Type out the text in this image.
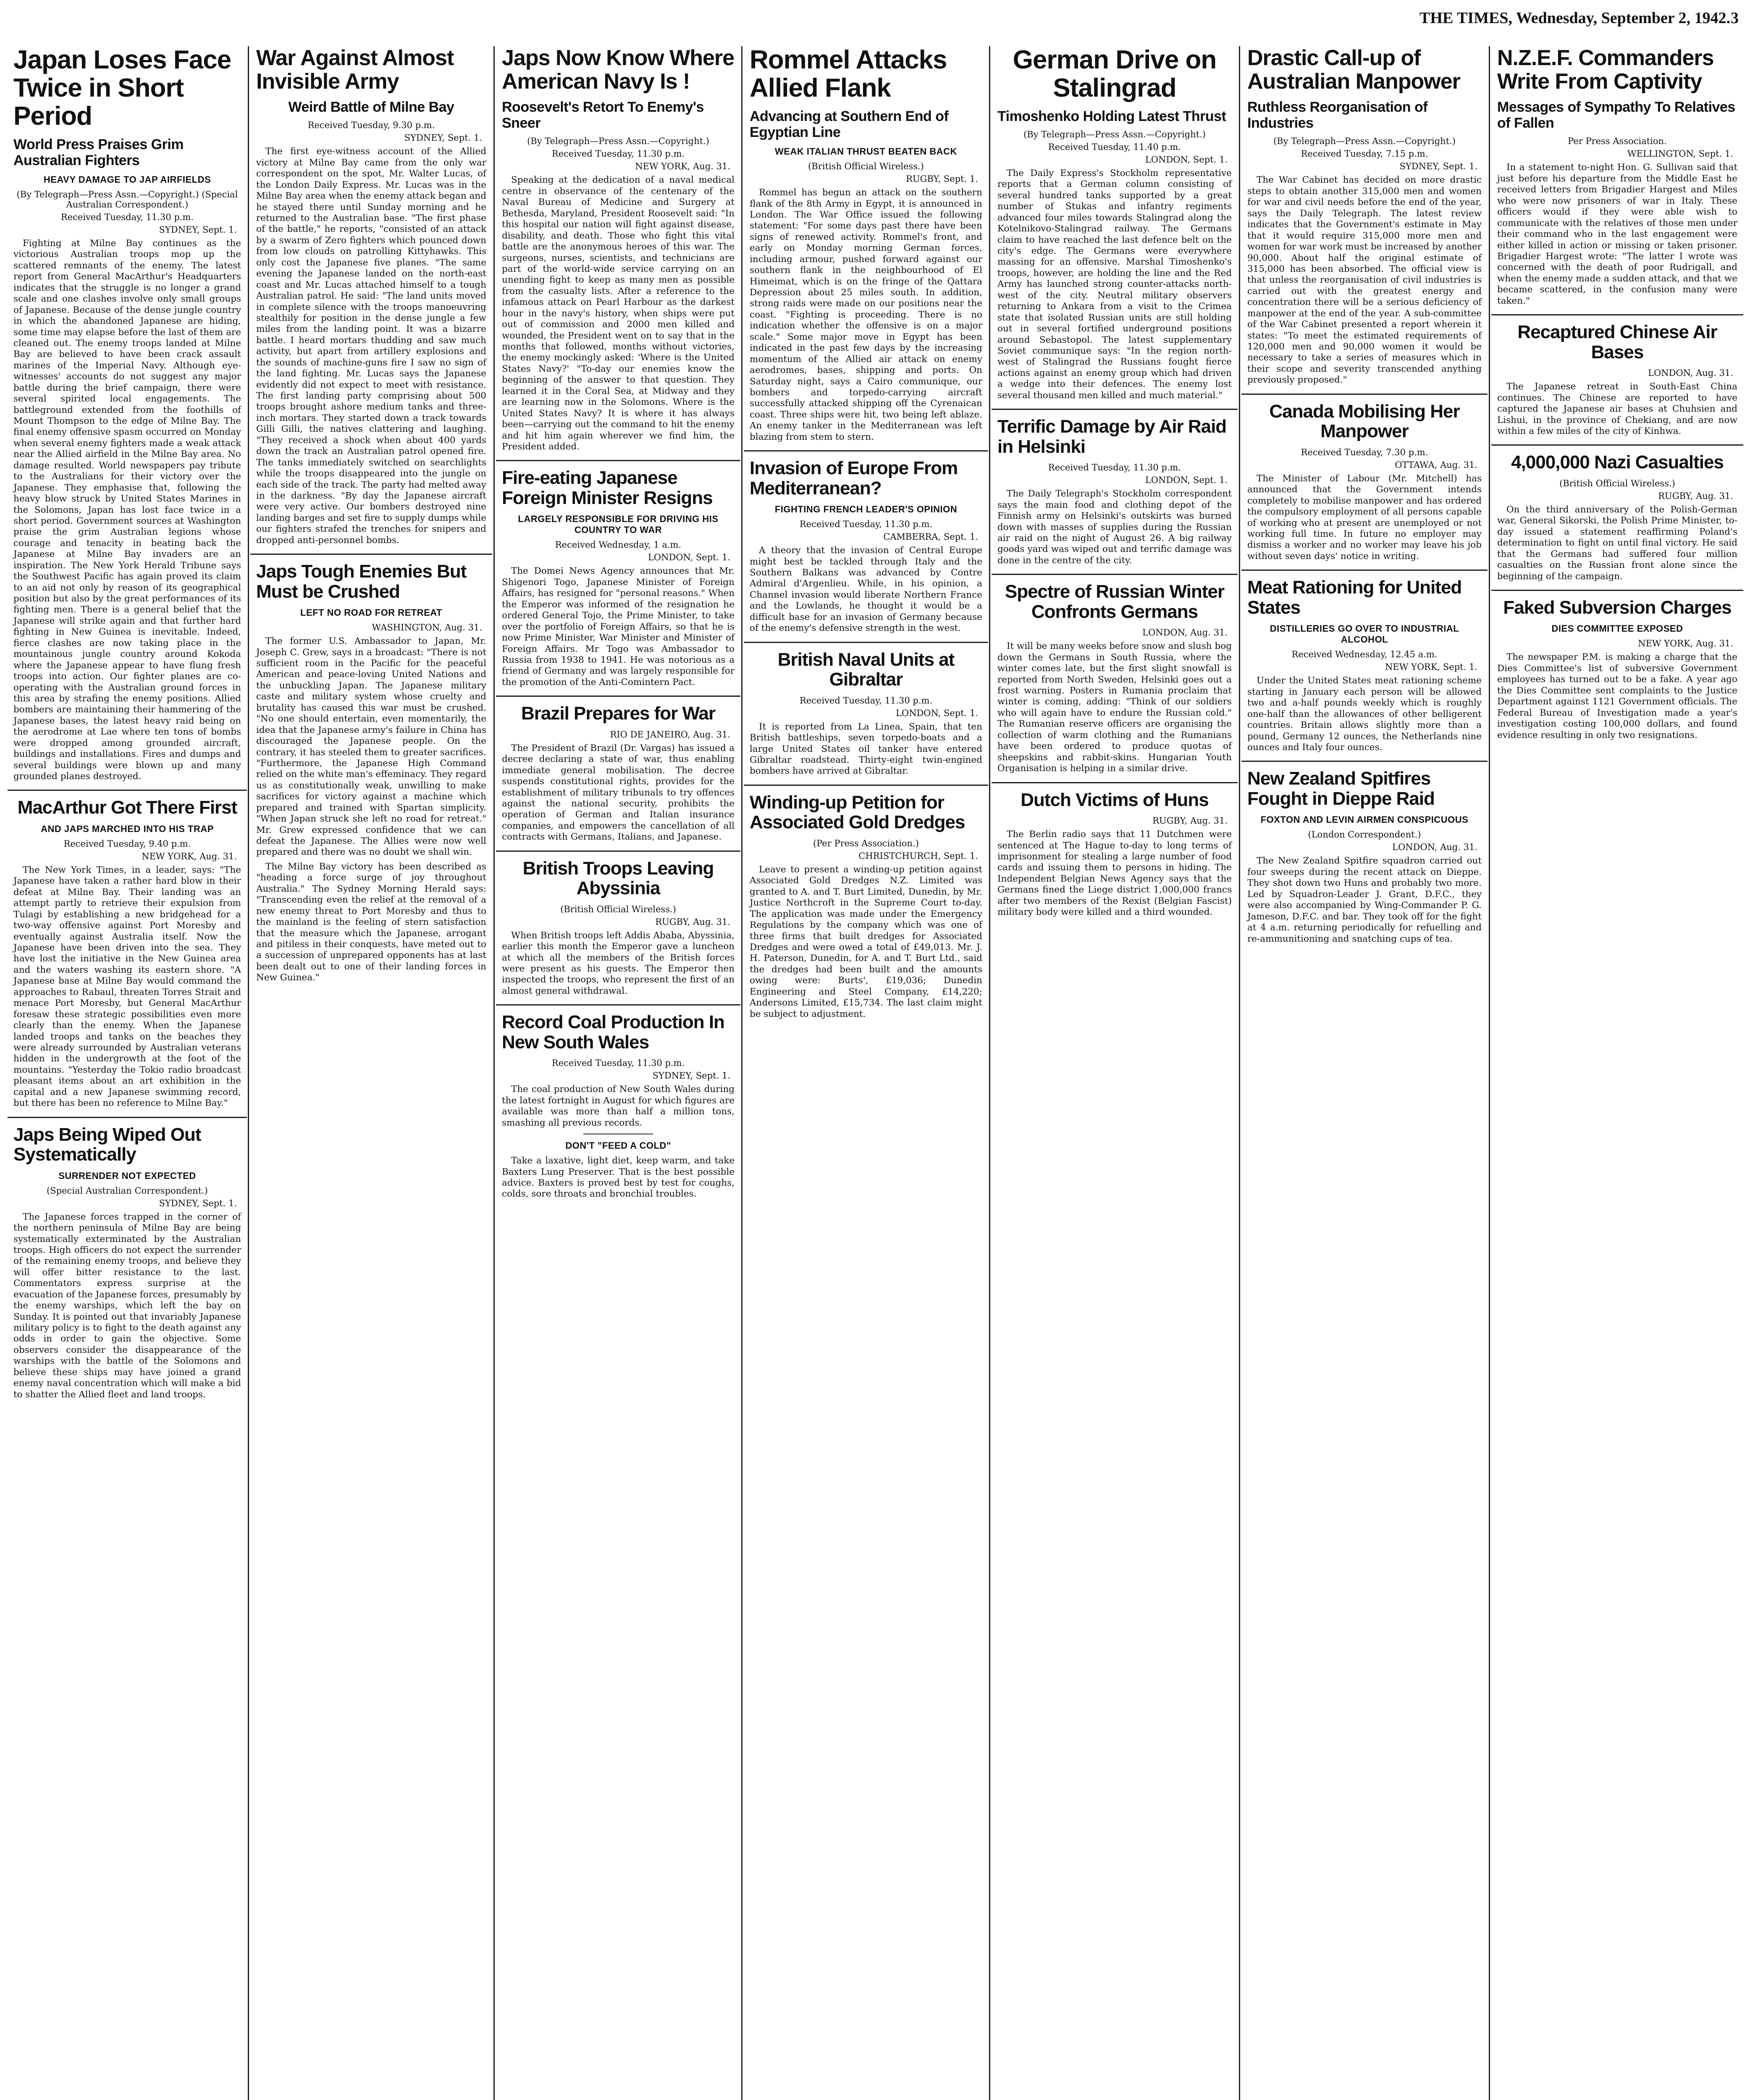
THE TIMES, Wednesday, September 2, 1942. 3
Japan Loses Face Twice in Short Period
World Press Praises Grim Australian Fighters
HEAVY DAMAGE TO JAP AIRFIELDS
(By Telegraph—Press Assn.—Copyright.) (Special Australian Correspondent.)
Received Tuesday, 11.30 p.m.
SYDNEY, Sept. 1.

Fighting at Milne Bay continues as the victorious Australian troops mop up the scattered remnants of the enemy. The latest report from General MacArthur's Headquarters indicates that the struggle is no longer a grand scale and one clashes involve only small groups of Japanese. Because of the dense jungle country in which the abandoned Japanese are hiding, some time may elapse before the last of them are cleaned out. The enemy troops landed at Milne Bay are believed to have been crack assault marines of the Imperial Navy. Although eye-witnesses' accounts do not suggest any major battle during the brief campaign, there were several spirited local engagements. The battleground extended from the foothills of Mount Thompson to the edge of Milne Bay. The final enemy offensive spasm occurred on Monday when several enemy fighters made a weak attack near the Allied airfield in the Milne Bay area. No damage resulted. World newspapers pay tribute to the Australians for their victory over the Japanese. They emphasise that, following the heavy blow struck by United States Marines in the Solomons, Japan has lost face twice in a short period. Government sources at Washington praise the grim Australian legions whose courage and tenacity in beating back the Japanese at Milne Bay invaders are an inspiration. The New York Herald Tribune says the Southwest Pacific has again proved its claim to an aid not only by reason of its geographical position but also by the great performances of its fighting men. There is a general belief that the Japanese will strike again and that further hard fighting in New Guinea is inevitable. Indeed, fierce clashes are now taking place in the mountainous jungle country around Kokoda where the Japanese appear to have flung fresh troops into action. Our fighter planes are co-operating with the Australian ground forces in this area by strafing the enemy positions. Allied bombers are maintaining their hammering of the Japanese bases, the latest heavy raid being on the aerodrome at Lae where ten tons of bombs were dropped among grounded aircraft, buildings and installations. Fires and dumps and several buildings were blown up and many grounded planes destroyed.

MacArthur Got There First
AND JAPS MARCHED INTO HIS TRAP
Received Tuesday, 9.40 p.m.
NEW YORK, Aug. 31.

The New York Times, in a leader, says: "The Japanese have taken a rather hard blow in their defeat at Milne Bay. Their landing was an attempt partly to retrieve their expulsion from Tulagi by establishing a new bridgehead for a two-way offensive against Port Moresby and eventually against Australia itself. Now the Japanese have been driven into the sea. They have lost the initiative in the New Guinea area and the waters washing its eastern shore. "A Japanese base at Milne Bay would command the approaches to Rabaul, threaten Torres Strait and menace Port Moresby, but General MacArthur foresaw these strategic possibilities even more clearly than the enemy. When the Japanese landed troops and tanks on the beaches they were already surrounded by Australian veterans hidden in the undergrowth at the foot of the mountains. "Yesterday the Tokio radio broadcast pleasant items about an art exhibition in the capital and a new Japanese swimming record, but there has been no reference to Milne Bay."

Japs Being Wiped Out Systematically
SURRENDER NOT EXPECTED
(Special Australian Correspondent.)
SYDNEY, Sept. 1.

The Japanese forces trapped in the corner of the northern peninsula of Milne Bay are being systematically exterminated by the Australian troops. High officers do not expect the surrender of the remaining enemy troops, and believe they will offer bitter resistance to the last. Commentators express surprise at the evacuation of the Japanese forces, presumably by the enemy warships, which left the bay on Sunday. It is pointed out that invariably Japanese military policy is to fight to the death against any odds in order to gain the objective. Some observers consider the disappearance of the warships with the battle of the Solomons and believe these ships may have joined a grand enemy naval concentration which will make a bid to shatter the Allied fleet and land troops.

War Against Almost Invisible Army
Weird Battle of Milne Bay
Received Tuesday, 9.30 p.m.
SYDNEY, Sept. 1.

The first eye-witness account of the Allied victory at Milne Bay came from the only war correspondent on the spot, Mr. Walter Lucas, of the London Daily Express. Mr. Lucas was in the Milne Bay area when the enemy attack began and he stayed there until Sunday morning and he returned to the Australian base. "The first phase of the battle," he reports, "consisted of an attack by a swarm of Zero fighters which pounced down from low clouds on patrolling Kittyhawks. This only cost the Japanese five planes. "The same evening the Japanese landed on the north-east coast and Mr. Lucas attached himself to a tough Australian patrol. He said: "The land units moved in complete silence with the troops manoeuvring stealthily for position in the dense jungle a few miles from the landing point. It was a bizarre battle. I heard mortars thudding and saw much activity, but apart from artillery explosions and the sounds of machine-guns fire I saw no sign of the land fighting. Mr. Lucas says the Japanese evidently did not expect to meet with resistance. The first landing party comprising about 500 troops brought ashore medium tanks and three-inch mortars. They started down a track towards Gilli Gilli, the natives clattering and laughing. "They received a shock when about 400 yards down the track an Australian patrol opened fire. The tanks immediately switched on searchlights while the troops disappeared into the jungle on each side of the track. The party had melted away in the darkness. "By day the Japanese aircraft were very active. Our bombers destroyed nine landing barges and set fire to supply dumps while our fighters strafed the trenches for snipers and dropped anti-personnel bombs.

Japs Tough Enemies But Must be Crushed
LEFT NO ROAD FOR RETREAT
WASHINGTON, Aug. 31.

The former U.S. Ambassador to Japan, Mr. Joseph C. Grew, says in a broadcast: "There is not sufficient room in the Pacific for the peaceful American and peace-loving United Nations and the unbuckling Japan. The Japanese military caste and military system whose cruelty and brutality has caused this war must be crushed. "No one should entertain, even momentarily, the idea that the Japanese army's failure in China has discouraged the Japanese people. On the contrary, it has steeled them to greater sacrifices. "Furthermore, the Japanese High Command relied on the white man's effeminacy. They regard us as constitutionally weak, unwilling to make sacrifices for victory against a machine which prepared and trained with Spartan simplicity. "When Japan struck she left no road for retreat." Mr. Grew expressed confidence that we can defeat the Japanese. The Allies were now well prepared and there was no doubt we shall win.

The Milne Bay victory has been described as "heading a force surge of joy throughout Australia." The Sydney Morning Herald says: "Transcending even the relief at the removal of a new enemy threat to Port Moresby and thus to the mainland is the feeling of stern satisfaction that the measure which the Japanese, arrogant and pitiless in their conquests, have meted out to a succession of unprepared opponents has at last been dealt out to one of their landing forces in New Guinea."

Japs Now Know Where American Navy Is !
Roosevelt's Retort To Enemy's Sneer
(By Telegraph—Press Assn.—Copyright.)
Received Tuesday, 11.30 p.m.
NEW YORK, Aug. 31.

Speaking at the dedication of a naval medical centre in observance of the centenary of the Naval Bureau of Medicine and Surgery at Bethesda, Maryland, President Roosevelt said: "In this hospital our nation will fight against disease, disability, and death. Those who fight this vital battle are the anonymous heroes of this war. The surgeons, nurses, scientists, and technicians are part of the world-wide service carrying on an unending fight to keep as many men as possible from the casualty lists. After a reference to the infamous attack on Pearl Harbour as the darkest hour in the navy's history, when ships were put out of commission and 2000 men killed and wounded, the President went on to say that in the months that followed, months without victories, the enemy mockingly asked: 'Where is the United States Navy?' "To-day our enemies know the beginning of the answer to that question. They learned it in the Coral Sea, at Midway and they are learning now in the Solomons. Where is the United States Navy? It is where it has always been—carrying out the command to hit the enemy and hit him again wherever we find him, the President added.

Fire-eating Japanese Foreign Minister Resigns
LARGELY RESPONSIBLE FOR DRIVING HIS COUNTRY TO WAR
Received Wednesday, 1 a.m.
LONDON, Sept. 1.

The Domei News Agency announces that Mr. Shigenori Togo, Japanese Minister of Foreign Affairs, has resigned for "personal reasons." When the Emperor was informed of the resignation he ordered General Tojo, the Prime Minister, to take over the portfolio of Foreign Affairs, so that he is now Prime Minister, War Minister and Minister of Foreign Affairs. Mr Togo was Ambassador to Russia from 1938 to 1941. He was notorious as a friend of Germany and was largely responsible for the promotion of the Anti-Comintern Pact.

Brazil Prepares for War
RIO DE JANEIRO, Aug. 31.

The President of Brazil (Dr. Vargas) has issued a decree declaring a state of war, thus enabling immediate general mobilisation. The decree suspends constitutional rights, provides for the establishment of military tribunals to try offences against the national security, prohibits the operation of German and Italian insurance companies, and empowers the cancellation of all contracts with Germans, Italians, and Japanese.

British Troops Leaving Abyssinia
(British Official Wireless.)
RUGBY, Aug. 31.

When British troops left Addis Ababa, Abyssinia, earlier this month the Emperor gave a luncheon at which all the members of the British forces were present as his guests. The Emperor then inspected the troops, who represent the first of an almost general withdrawal.

Record Coal Production In New South Wales
Received Tuesday, 11.30 p.m.
SYDNEY, Sept. 1.

The coal production of New South Wales during the latest fortnight in August for which figures are available was more than half a million tons, smashing all previous records.

DON'T "FEED A COLD"

Take a laxative, light diet, keep warm, and take Baxters Lung Preserver. That is the best possible advice. Baxters is proved best by test for coughs, colds, sore throats and bronchial troubles.

Rommel Attacks Allied Flank
Advancing at Southern End of Egyptian Line
WEAK ITALIAN THRUST BEATEN BACK
(British Official Wireless.)
RUGBY, Sept. 1.

Rommel has begun an attack on the southern flank of the 8th Army in Egypt, it is announced in London. The War Office issued the following statement: "For some days past there have been signs of renewed activity. Rommel's front, and early on Monday morning German forces, including armour, pushed forward against our southern flank in the neighbourhood of El Himeimat, which is on the fringe of the Qattara Depression about 25 miles south. In addition, strong raids were made on our positions near the coast. "Fighting is proceeding. There is no indication whether the offensive is on a major scale." Some major move in Egypt has been indicated in the past few days by the increasing momentum of the Allied air attack on enemy aerodromes, bases, shipping and ports. On Saturday night, says a Cairo communique, our bombers and torpedo-carrying aircraft successfully attacked shipping off the Cyrenaican coast. Three ships were hit, two being left ablaze. An enemy tanker in the Mediterranean was left blazing from stem to stern.

Invasion of Europe From Mediterranean?
FIGHTING FRENCH LEADER'S OPINION
Received Tuesday, 11.30 p.m.
CAMBERRA, Sept. 1.

A theory that the invasion of Central Europe might best be tackled through Italy and the Southern Balkans was advanced by Contre Admiral d'Argenlieu. While, in his opinion, a Channel invasion would liberate Northern France and the Lowlands, he thought it would be a difficult base for an invasion of Germany because of the enemy's defensive strength in the west.

British Naval Units at Gibraltar
Received Tuesday, 11.30 p.m.
LONDON, Sept. 1.

It is reported from La Linea, Spain, that ten British battleships, seven torpedo-boats and a large United States oil tanker have entered Gibraltar roadstead. Thirty-eight twin-engined bombers have arrived at Gibraltar.

Winding-up Petition for Associated Gold Dredges
(Per Press Association.)
CHRISTCHURCH, Sept. 1.

Leave to present a winding-up petition against Associated Gold Dredges N.Z. Limited was granted to A. and T. Burt Limited, Dunedin, by Mr. Justice Northcroft in the Supreme Court to-day. The application was made under the Emergency Regulations by the company which was one of three firms that built dredges for Associated Dredges and were owed a total of £49,013. Mr. J. H. Paterson, Dunedin, for A. and T. Burt Ltd., said the dredges had been built and the amounts owing were: Burts', £19,036; Dunedin Engineering and Steel Company, £14,220; Andersons Limited, £15,734. The last claim might be subject to adjustment.

German Drive on Stalingrad
Timoshenko Holding Latest Thrust
(By Telegraph—Press Assn.—Copyright.)
Received Tuesday, 11.40 p.m.
LONDON, Sept. 1.

The Daily Express's Stockholm representative reports that a German column consisting of several hundred tanks supported by a great number of Stukas and infantry regiments advanced four miles towards Stalingrad along the Kotelnikovo-Stalingrad railway. The Germans claim to have reached the last defence belt on the city's edge. The Germans were everywhere massing for an offensive. Marshal Timoshenko's troops, however, are holding the line and the Red Army has launched strong counter-attacks north-west of the city. Neutral military observers returning to Ankara from a visit to the Crimea state that isolated Russian units are still holding out in several fortified underground positions around Sebastopol. The latest supplementary Soviet communique says: "In the region north-west of Stalingrad the Russians fought fierce actions against an enemy group which had driven a wedge into their defences. The enemy lost several thousand men killed and much material."

Terrific Damage by Air Raid in Helsinki
Received Tuesday, 11.30 p.m.
LONDON, Sept. 1.

The Daily Telegraph's Stockholm correspondent says the main food and clothing depot of the Finnish army on Helsinki's outskirts was burned down with masses of supplies during the Russian air raid on the night of August 26. A big railway goods yard was wiped out and terrific damage was done in the centre of the city.

Spectre of Russian Winter Confronts Germans
LONDON, Aug. 31.

It will be many weeks before snow and slush bog down the Germans in South Russia, where the winter comes late, but the first slight snowfall is reported from North Sweden, Helsinki goes out a frost warning. Posters in Rumania proclaim that winter is coming, adding: "Think of our soldiers who will again have to endure the Russian cold." The Rumanian reserve officers are organising the collection of warm clothing and the Rumanians have been ordered to produce quotas of sheepskins and rabbit-skins. Hungarian Youth Organisation is helping in a similar drive.

Dutch Victims of Huns
RUGBY, Aug. 31.

The Berlin radio says that 11 Dutchmen were sentenced at The Hague to-day to long terms of imprisonment for stealing a large number of food cards and issuing them to persons in hiding. The Independent Belgian News Agency says that the Germans fined the Liege district 1,000,000 francs after two members of the Rexist (Belgian Fascist) military body were killed and a third wounded.

Drastic Call-up of Australian Manpower
Ruthless Reorganisation of Industries
(By Telegraph—Press Assn.—Copyright.)
Received Tuesday, 7.15 p.m.
SYDNEY, Sept. 1.

The War Cabinet has decided on more drastic steps to obtain another 315,000 men and women for war and civil needs before the end of the year, says the Daily Telegraph. The latest review indicates that the Government's estimate in May that it would require 315,000 more men and women for war work must be increased by another 90,000. About half the original estimate of 315,000 has been absorbed. The official view is that unless the reorganisation of civil industries is carried out with the greatest energy and concentration there will be a serious deficiency of manpower at the end of the year. A sub-committee of the War Cabinet presented a report wherein it states: "To meet the estimated requirements of 120,000 men and 90,000 women it would be necessary to take a series of measures which in their scope and severity transcended anything previously proposed."

Canada Mobilising Her Manpower
Received Tuesday, 7.30 p.m.
OTTAWA, Aug. 31.

The Minister of Labour (Mr. Mitchell) has announced that the Government intends completely to mobilise manpower and has ordered the compulsory employment of all persons capable of working who at present are unemployed or not working full time. In future no employer may dismiss a worker and no worker may leave his job without seven days' notice in writing.

Meat Rationing for United States
DISTILLERIES GO OVER TO INDUSTRIAL ALCOHOL
Received Wednesday, 12.45 a.m.
NEW YORK, Sept. 1.

Under the United States meat rationing scheme starting in January each person will be allowed two and a-half pounds weekly which is roughly one-half than the allowances of other belligerent countries. Britain allows slightly more than a pound, Germany 12 ounces, the Netherlands nine ounces and Italy four ounces.

New Zealand Spitfires Fought in Dieppe Raid
FOXTON AND LEVIN AIRMEN CONSPICUOUS
(London Correspondent.)
LONDON, Aug. 31.

The New Zealand Spitfire squadron carried out four sweeps during the recent attack on Dieppe. They shot down two Huns and probably two more. Led by Squadron-Leader J. Grant, D.F.C., they were also accompanied by Wing-Commander P. G. Jameson, D.F.C. and bar. They took off for the fight at 4 a.m. returning periodically for refuelling and re-ammunitioning and snatching cups of tea.

N.Z.E.F. Commanders Write From Captivity
Messages of Sympathy To Relatives of Fallen
Per Press Association.
WELLINGTON, Sept. 1.

In a statement to-night Hon. G. Sullivan said that just before his departure from the Middle East he received letters from Brigadier Hargest and Miles who were now prisoners of war in Italy. These officers would if they were able wish to communicate with the relatives of those men under their command who in the last engagement were either killed in action or missing or taken prisoner. Brigadier Hargest wrote: "The latter I wrote was concerned with the death of poor Rudrigall, and when the enemy made a sudden attack, and that we became scattered, in the confusion many were taken."

Recaptured Chinese Air Bases
LONDON, Aug. 31.

The Japanese retreat in South-East China continues. The Chinese are reported to have captured the Japanese air bases at Chuhsien and Lishui, in the province of Chekiang, and are now within a few miles of the city of Kinhwa.

4,000,000 Nazi Casualties
(British Official Wireless.)
RUGBY, Aug. 31.

On the third anniversary of the Polish-German war, General Sikorski, the Polish Prime Minister, to-day issued a statement reaffirming Poland's determination to fight on until final victory. He said that the Germans had suffered four million casualties on the Russian front alone since the beginning of the campaign.

Faked Subversion Charges
DIES COMMITTEE EXPOSED
NEW YORK, Aug. 31.

The newspaper P.M. is making a charge that the Dies Committee's list of subversive Government employees has turned out to be a fake. A year ago the Dies Committee sent complaints to the Justice Department against 1121 Government officials. The Federal Bureau of Investigation made a year's investigation costing 100,000 dollars, and found evidence resulting in only two resignations.
